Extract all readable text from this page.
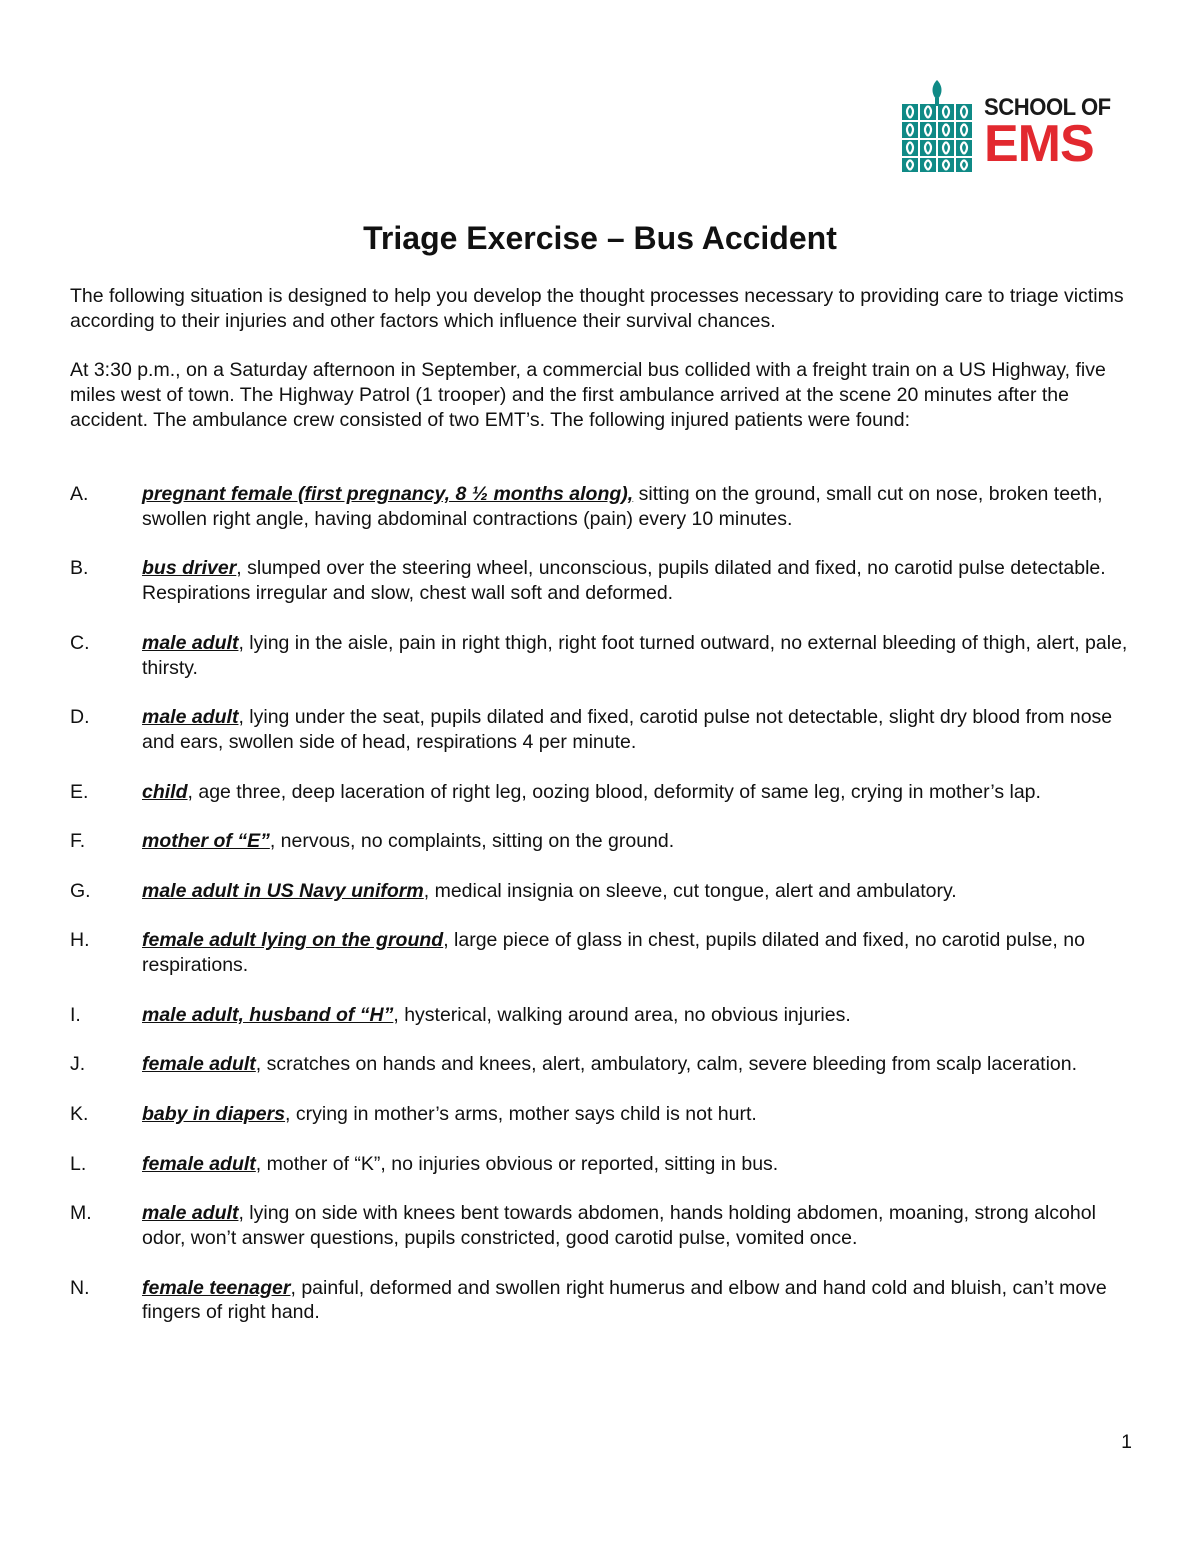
SCHOOL OF
EMS
Triage Exercise – Bus Accident
The following situation is designed to help you develop the thought processes necessary to providing care to triage victims according to their injuries and other factors which influence their survival chances.
At 3:30 p.m., on a Saturday afternoon in September, a commercial bus collided with a freight train on a US Highway, five miles west of town. The Highway Patrol (1 trooper) and the first ambulance arrived at the scene 20 minutes after the accident. The ambulance crew consisted of two EMT’s. The following injured patients were found:
A.	pregnant female (first pregnancy, 8 ½ months along), sitting on the ground, small cut on nose, broken teeth, swollen right angle, having abdominal contractions (pain) every 10 minutes.
B.	bus driver, slumped over the steering wheel, unconscious, pupils dilated and fixed, no carotid pulse detectable. Respirations irregular and slow, chest wall soft and deformed.
C.	male adult, lying in the aisle, pain in right thigh, right foot turned outward, no external bleeding of thigh, alert, pale, thirsty.
D.	male adult, lying under the seat, pupils dilated and fixed, carotid pulse not detectable, slight dry blood from nose and ears, swollen side of head, respirations 4 per minute.
E.	child, age three, deep laceration of right leg, oozing blood, deformity of same leg, crying in mother’s lap.
F.	mother of “E”, nervous, no complaints, sitting on the ground.
G.	male adult in US Navy uniform, medical insignia on sleeve, cut tongue, alert and ambulatory.
H.	female adult lying on the ground, large piece of glass in chest, pupils dilated and fixed, no carotid pulse, no respirations.
I.	male adult, husband of “H”, hysterical, walking around area, no obvious injuries.
J.	female adult, scratches on hands and knees, alert, ambulatory, calm, severe bleeding from scalp laceration.
K.	baby in diapers, crying in mother’s arms, mother says child is not hurt.
L.	female adult, mother of “K”, no injuries obvious or reported, sitting in bus.
M.	male adult, lying on side with knees bent towards abdomen, hands holding abdomen, moaning, strong alcohol odor, won’t answer questions, pupils constricted, good carotid pulse, vomited once.
N.	female teenager, painful, deformed and swollen right humerus and elbow and hand cold and bluish, can’t move fingers of right hand.
1
